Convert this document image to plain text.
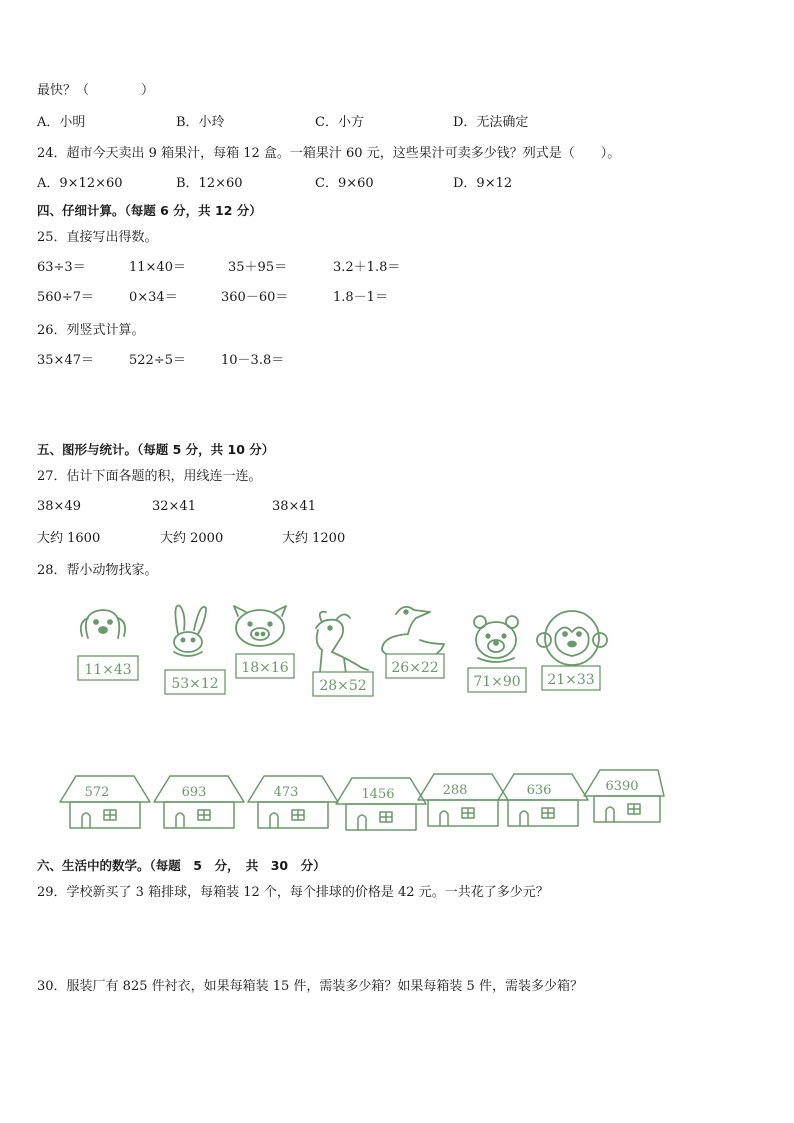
最快？（　　　　）
A．小明	B．小玲	C．小方	D．无法确定
24．超市今天卖出 9 箱果汁，每箱 12 盒。一箱果汁 60 元，这些果汁可卖多少钱？列式是（　　）。
A．9×12×60	B．12×60	C．9×60	D．9×12
四、仔细计算。（每题 6 分，共 12 分）
25．直接写出得数。
63÷3＝	11×40＝	35＋95＝	3.2＋1.8＝
560÷7＝	0×34＝	360－60＝	1.8－1＝
26．列竖式计算。
35×47＝	522÷5＝	10－3.8＝
五、图形与统计。（每题 5 分，共 10 分）
27．估计下面各题的积，用线连一连。
38×49	32×41	38×41
大约 1600	大约 2000	大约 1200
28．帮小动物找家。
11×43
53×12
18×16
28×52
26×22
71×90 21×33
572	693	473	1456	288	636	6390
六、生活中的数学。（每题　5　分，　共　30　分）
29．学校新买了 3 箱排球，每箱装 12 个，每个排球的价格是 42 元。一共花了多少元？
30．服装厂有 825 件衬衣，如果每箱装 15 件，需装多少箱？如果每箱装 5 件，需装多少箱？
